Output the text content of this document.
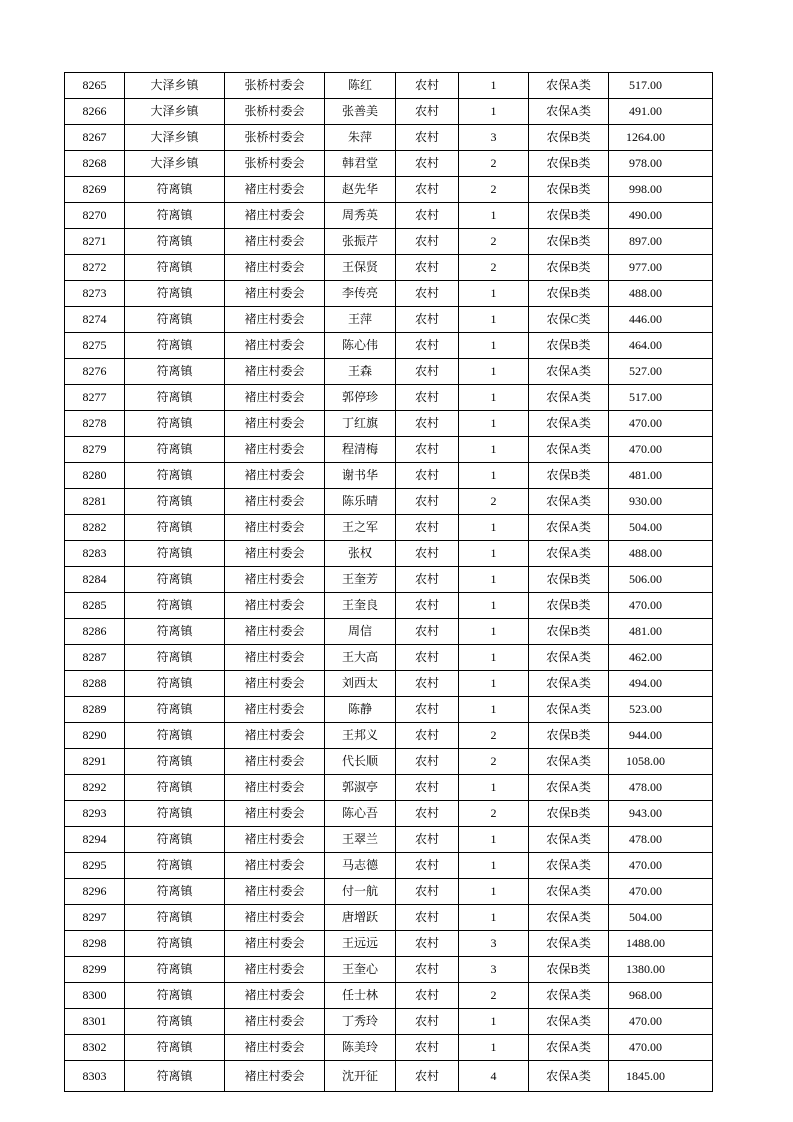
8265	大泽乡镇	张桥村委会	陈红	农村	1	农保A类	517.00
8266	大泽乡镇	张桥村委会	张善美	农村	1	农保A类	491.00
8267	大泽乡镇	张桥村委会	朱萍	农村	3	农保B类	1264.00
8268	大泽乡镇	张桥村委会	韩君堂	农村	2	农保B类	978.00
8269	符离镇	褚庄村委会	赵先华	农村	2	农保B类	998.00
8270	符离镇	褚庄村委会	周秀英	农村	1	农保B类	490.00
8271	符离镇	褚庄村委会	张振芹	农村	2	农保B类	897.00
8272	符离镇	褚庄村委会	王保贤	农村	2	农保B类	977.00
8273	符离镇	褚庄村委会	李传亮	农村	1	农保B类	488.00
8274	符离镇	褚庄村委会	王萍	农村	1	农保C类	446.00
8275	符离镇	褚庄村委会	陈心伟	农村	1	农保B类	464.00
8276	符离镇	褚庄村委会	王森	农村	1	农保A类	527.00
8277	符离镇	褚庄村委会	郭停珍	农村	1	农保A类	517.00
8278	符离镇	褚庄村委会	丁红旗	农村	1	农保A类	470.00
8279	符离镇	褚庄村委会	程清梅	农村	1	农保A类	470.00
8280	符离镇	褚庄村委会	谢书华	农村	1	农保B类	481.00
8281	符离镇	褚庄村委会	陈乐晴	农村	2	农保A类	930.00
8282	符离镇	褚庄村委会	王之军	农村	1	农保A类	504.00
8283	符离镇	褚庄村委会	张权	农村	1	农保A类	488.00
8284	符离镇	褚庄村委会	王奎芳	农村	1	农保B类	506.00
8285	符离镇	褚庄村委会	王奎良	农村	1	农保B类	470.00
8286	符离镇	褚庄村委会	周信	农村	1	农保B类	481.00
8287	符离镇	褚庄村委会	王大高	农村	1	农保A类	462.00
8288	符离镇	褚庄村委会	刘西太	农村	1	农保A类	494.00
8289	符离镇	褚庄村委会	陈静	农村	1	农保A类	523.00
8290	符离镇	褚庄村委会	王邦义	农村	2	农保B类	944.00
8291	符离镇	褚庄村委会	代长顺	农村	2	农保A类	1058.00
8292	符离镇	褚庄村委会	郭淑亭	农村	1	农保A类	478.00
8293	符离镇	褚庄村委会	陈心吾	农村	2	农保B类	943.00
8294	符离镇	褚庄村委会	王翠兰	农村	1	农保A类	478.00
8295	符离镇	褚庄村委会	马志德	农村	1	农保A类	470.00
8296	符离镇	褚庄村委会	付一航	农村	1	农保A类	470.00
8297	符离镇	褚庄村委会	唐增跃	农村	1	农保A类	504.00
8298	符离镇	褚庄村委会	王远远	农村	3	农保A类	1488.00
8299	符离镇	褚庄村委会	王奎心	农村	3	农保B类	1380.00
8300	符离镇	褚庄村委会	任士林	农村	2	农保A类	968.00
8301	符离镇	褚庄村委会	丁秀玲	农村	1	农保A类	470.00
8302	符离镇	褚庄村委会	陈美玲	农村	1	农保A类	470.00
8303	符离镇	褚庄村委会	沈开征	农村	4	农保A类	1845.00
